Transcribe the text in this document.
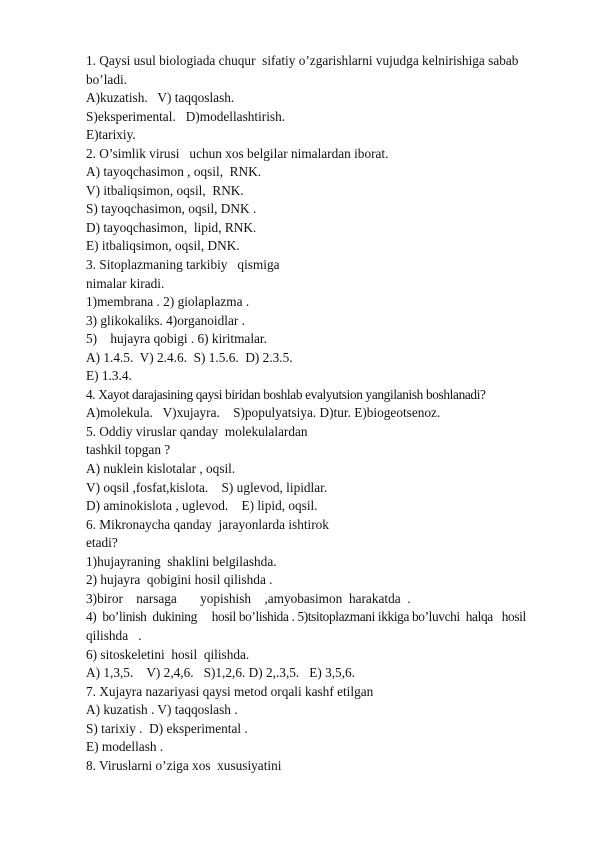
1. Qaysi usul biologiada chuqur  sifatiy o’zgarishlarni vujudga kelnirishiga sabab
bo’ladi.
A)kuzatish.   V) taqqoslash.
S)eksperimental.   D)modellashtirish.
E)tarixiy.
2. O’simlik virusi   uchun xos belgilar nimalardan iborat.
A) tayoqchasimon , oqsil,  RNK.
V) itbaliqsimon, oqsil,  RNK.
S) tayoqchasimon, oqsil, DNK .
D) tayoqchasimon,  lipid, RNK.
E) itbaliqsimon, oqsil, DNK.
3. Sitoplazmaning tarkibiy   qismiga
nimalar kiradi.
1)membrana . 2) giolaplazma .
3) glikokaliks. 4)organoidlar .
5)    hujayra qobigi . 6) kiritmalar.
A) 1.4.5.  V) 2.4.6.  S) 1.5.6.  D) 2.3.5.
E) 1.3.4.
4. Xayot darajasining qaysi biridan boshlab evalyutsion yangilanish boshlanadi?
A)molekula.   V)xujayra.    S)populyatsiya. D)tur. E)biogeotsenoz.
5. Oddiy viruslar qanday  molekulalardan
tashkil topgan ?
A) nuklein kislotalar , oqsil.
V) oqsil ,fosfat,kislota.    S) uglevod, lipidlar.
D) aminokislota , uglevod.    E) lipid, oqsil.
6. Mikronaycha qanday  jarayonlarda ishtirok
etadi?
1)hujayraning  shaklini belgilashda.
2) hujayra  qobigini hosil qilishda .
3)biror    narsaga       yopishish    ,amyobasimon  harakatda  .
4)  bo’linish  dukining     hosil bo’lishida . 5)tsitoplazmani ikkiga bo’luvchi  halqa   hosil
qilishda   .
6) sitoskeletini  hosil  qilishda.
A) 1,3,5.    V) 2,4,6.   S)1,2,6. D) 2,.3,5.   E) 3,5,6.
7. Xujayra nazariyasi qaysi metod orqali kashf etilgan
A) kuzatish . V) taqqoslash .
S) tarixiy .  D) eksperimental .
E) modellash .
8. Viruslarni o’ziga xos  xususiyatini
